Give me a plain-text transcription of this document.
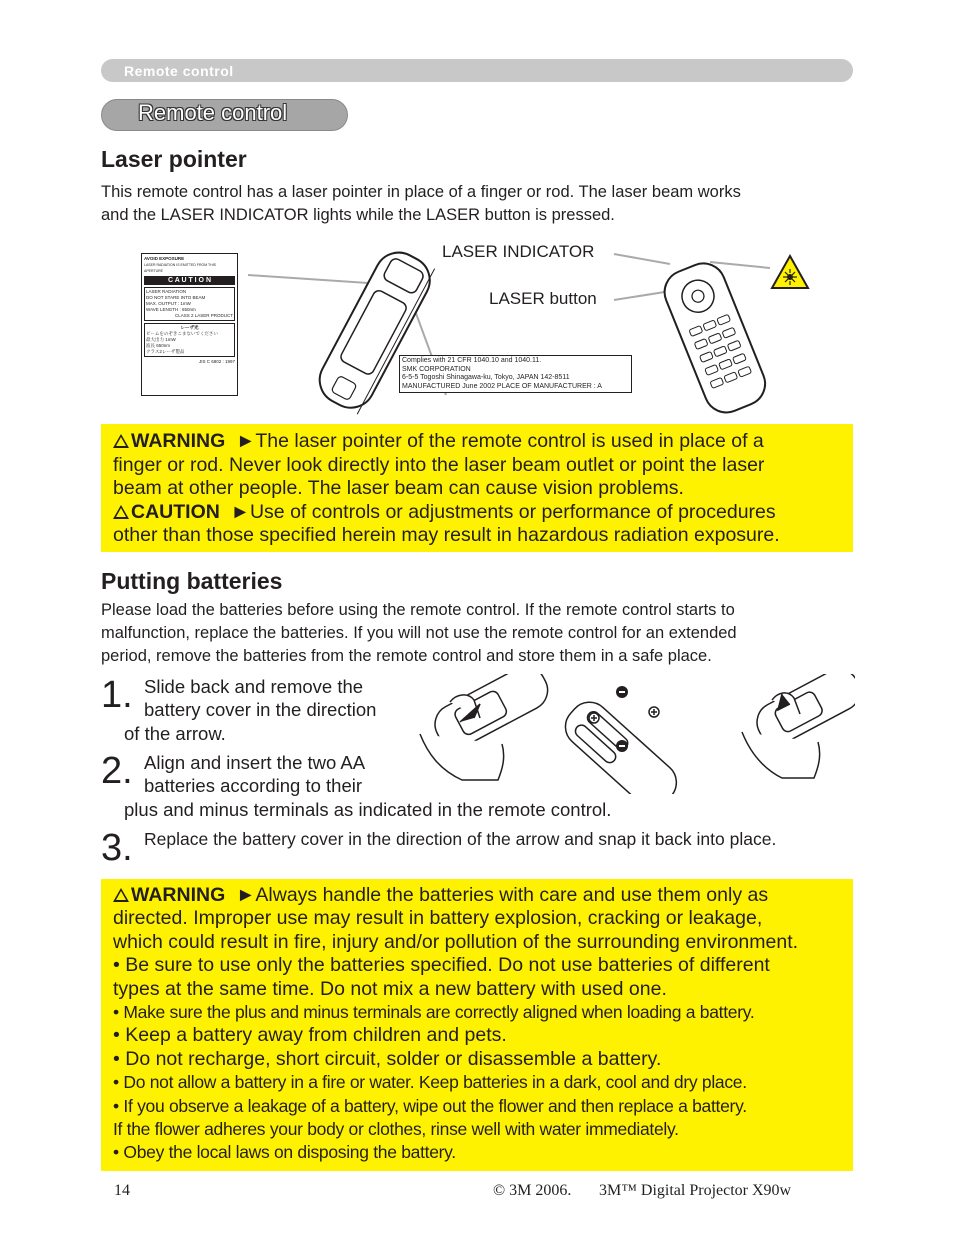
Remote control
Remote control
Laser pointer
This remote control has a laser pointer in place of a finger or rod. The laser beam works
and the LASER INDICATOR lights while the LASER button is pressed.
AVOID EXPOSURE
LASER RADIATION IS EMITTED FROM THIS APERTURE
C A U T I O N
LASER RADIATION
DO NOT STARE INTO BEAM
MAX. OUTPUT : 1mW
WAVE LENGTH : 650nm
CLASS 2 LASER PRODUCT
レーザ光
ビームをのぞきこまないでください
最大出力 1mW
波長 650nm
クラス2レーザ製品
JIS C 6802 : 1997	Complies with 21 CFR 1040.10 and 1040.11.
SMK CORPORATION
6-5-5 Togoshi Shinagawa-ku, Tokyo, JAPAN 142-8511
MANUFACTURED June 2002 PLACE OF MANUFACTURER : A
LASER INDICATOR
LASER button
WARNING ►The laser pointer of the remote control is used in place of a
finger or rod. Never look directly into the laser beam outlet or point the laser
beam at other people. The laser beam can cause vision problems.
CAUTION ►Use of controls or adjustments or performance of procedures
other than those specified herein may result in hazardous radiation exposure.
Putting batteries
Please load the batteries before using the remote control. If the remote control starts to
malfunction, replace the batteries. If you will not use the remote control for an extended
period, remove the batteries from the remote control and store them in a safe place.
1. Slide back and remove the
battery cover in the direction
of the arrow.
2. Align and insert the two AA
batteries according to their
plus and minus terminals as indicated in the remote control.
3. Replace the battery cover in the direction of the arrow and snap it back into place.
WARNING ►Always handle the batteries with care and use them only as
directed. Improper use may result in battery explosion, cracking or leakage,
which could result in fire, injury and/or pollution of the surrounding environment.
• Be sure to use only the batteries specified. Do not use batteries of different
types at the same time. Do not mix a new battery with used one.
• Make sure the plus and minus terminals are correctly aligned when loading a battery.
• Keep a battery away from children and pets.
• Do not recharge, short circuit, solder or disassemble a battery.
• Do not allow a battery in a fire or water. Keep batteries in a dark, cool and dry place.
• If you observe a leakage of a battery, wipe out the flower and then replace a battery.
If the flower adheres your body or clothes, rinse well with water immediately.
• Obey the local laws on disposing the battery.
14	© 3M 2006. 3M™ Digital Projector X90w
